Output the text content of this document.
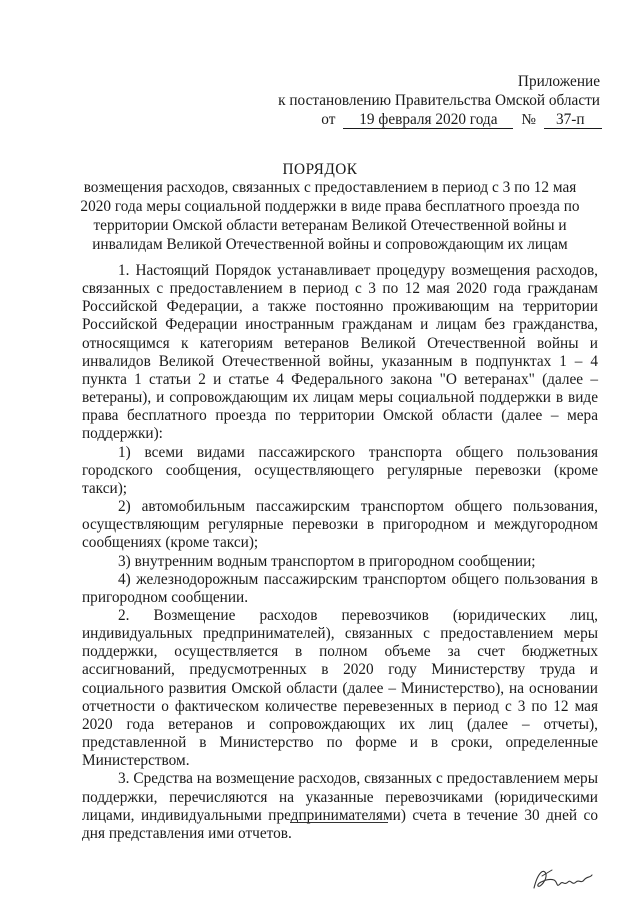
Приложение
к постановлению Правительства Омской области
от 19 февраля 2020 года № 37-п
ПОРЯДОК
возмещения расходов, связанных с предоставлением в период с 3 по 12 мая 2020 года меры социальной поддержки в виде права бесплатного проезда по территории Омской области ветеранам Великой Отечественной войны и инвалидам Великой Отечественной войны и сопровождающим их лицам

1. Настоящий Порядок устанавливает процедуру возмещения расходов, связанных с предоставлением в период с 3 по 12 мая 2020 года гражданам Российской Федерации, а также постоянно проживающим на территории Российской Федерации иностранным гражданам и лицам без гражданства, относящимся к категориям ветеранов Великой Отечественной войны и инвалидов Великой Отечественной войны, указанным в подпунктах 1 – 4 пункта 1 статьи 2 и статье 4 Федерального закона "О ветеранах" (далее – ветераны), и сопровождающим их лицам меры социальной поддержки в виде права бесплатного проезда по территории Омской области (далее – мера поддержки):

1) всеми видами пассажирского транспорта общего пользования городского сообщения, осуществляющего регулярные перевозки (кроме такси);

2) автомобильным пассажирским транспортом общего пользования, осуществляющим регулярные перевозки в пригородном и междугородном сообщениях (кроме такси);

3) внутренним водным транспортом в пригородном сообщении;

4) железнодорожным пассажирским транспортом общего пользования в пригородном сообщении.

2. Возмещение расходов перевозчиков (юридических лиц, индивидуальных предпринимателей), связанных с предоставлением меры поддержки, осуществляется в полном объеме за счет бюджетных ассигнований, предусмотренных в 2020 году Министерству труда и социального развития Омской области (далее – Министерство), на основании отчетности о фактическом количестве перевезенных в период с 3 по 12 мая 2020 года ветеранов и сопровождающих их лиц (далее – отчеты), представленной в Министерство по форме и в сроки, определенные Министерством.

3. Средства на возмещение расходов, связанных с предоставлением меры поддержки, перечисляются на указанные перевозчиками (юридическими лицами, индивидуальными предпринимателями) счета в течение 30 дней со дня представления ими отчетов.
